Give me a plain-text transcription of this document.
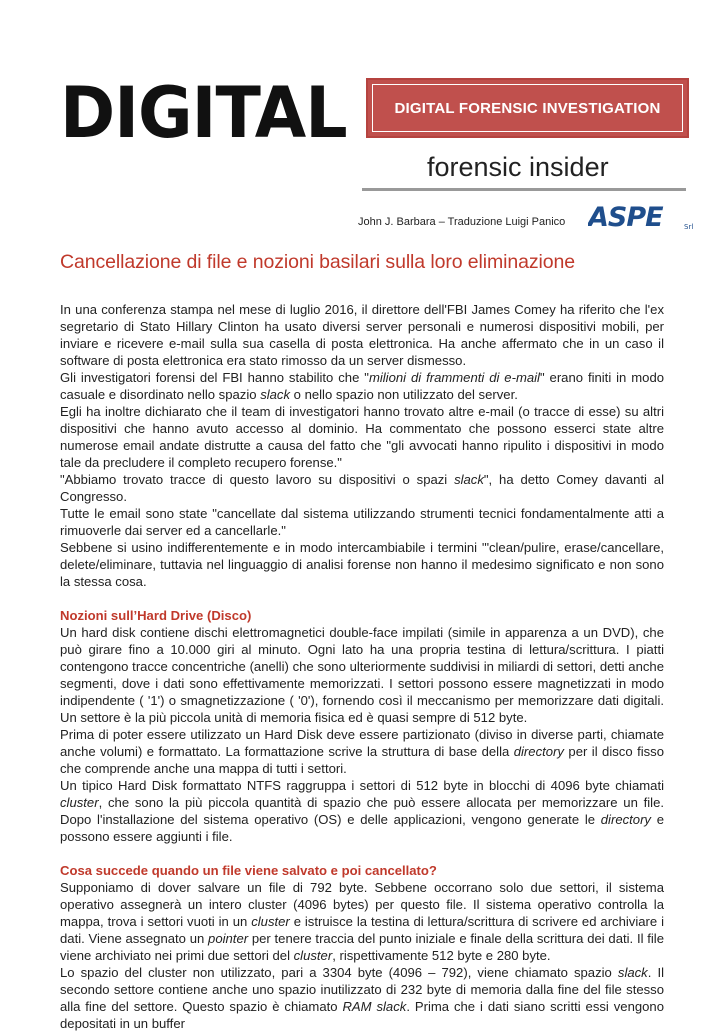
DIGITAL	DIGITAL FORENSIC INVESTIGATION
forensic insider
John J. Barbara – Traduzione Luigi Panico ASPE	Srl
Cancellazione di file e nozioni basilari sulla loro eliminazione

In una conferenza stampa nel mese di luglio 2016, il direttore dell'FBI James Comey ha riferito che l'ex segretario di Stato Hillary Clinton ha usato diversi server personali e numerosi dispositivi mobili, per inviare e ricevere e-mail sulla sua casella di posta elettronica. Ha anche affermato che in un caso il software di posta elettronica era stato rimosso da un server dismesso.

Gli investigatori forensi del FBI hanno stabilito che "milioni di frammenti di e-mail" erano finiti in modo casuale e disordinato nello spazio slack o nello spazio non utilizzato del server.

Egli ha inoltre dichiarato che il team di investigatori hanno trovato altre e-mail (o tracce di esse) su altri dispositivi che hanno avuto accesso al dominio. Ha commentato che possono esserci state altre numerose email andate distrutte a causa del fatto che "gli avvocati hanno ripulito i dispositivi in modo tale da precludere il completo recupero forense."

"Abbiamo trovato tracce di questo lavoro su dispositivi o spazi slack", ha detto Comey davanti al Congresso.

Tutte le email sono state "cancellate dal sistema utilizzando strumenti tecnici fondamentalmente atti a rimuoverle dai server ed a cancellarle."

Sebbene si usino indifferentemente e in modo intercambiabile i termini '"clean/pulire, erase/cancellare, delete/eliminare, tuttavia nel linguaggio di analisi forense non hanno il medesimo significato e non sono la stessa cosa.

Nozioni sull’Hard Drive (Disco)

Un hard disk contiene dischi elettromagnetici double-face impilati (simile in apparenza a un DVD), che può girare fino a 10.000 giri al minuto. Ogni lato ha una propria testina di lettura/scrittura. I piatti contengono tracce concentriche (anelli) che sono ulteriormente suddivisi in miliardi di settori, detti anche segmenti, dove i dati sono effettivamente memorizzati. I settori possono essere magnetizzati in modo indipendente ( '1') o smagnetizzazione ( '0'), fornendo così il meccanismo per memorizzare dati digitali. Un settore è la più piccola unità di memoria fisica ed è quasi sempre di 512 byte.

Prima di poter essere utilizzato un Hard Disk deve essere partizionato (diviso in diverse parti, chiamate anche volumi) e formattato. La formattazione scrive la struttura di base della directory per il disco fisso che comprende anche una mappa di tutti i settori.

Un tipico Hard Disk formattato NTFS raggruppa i settori di 512 byte in blocchi di 4096 byte chiamati cluster, che sono la più piccola quantità di spazio che può essere allocata per memorizzare un file. Dopo l'installazione del sistema operativo (OS) e delle applicazioni, vengono generate le directory e possono essere aggiunti i file.

Cosa succede quando un file viene salvato e poi cancellato?

Supponiamo di dover salvare un file di 792 byte. Sebbene occorrano solo due settori, il sistema operativo assegnerà un intero cluster (4096 bytes) per questo file. Il sistema operativo controlla la mappa, trova i settori vuoti in un cluster e istruisce la testina di lettura/scrittura di scrivere ed archiviare i dati. Viene assegnato un pointer per tenere traccia del punto iniziale e finale della scrittura dei dati. Il file viene archiviato nei primi due settori del cluster, rispettivamente 512 byte e 280 byte.

Lo spazio del cluster non utilizzato, pari a 3304 byte (4096 – 792), viene chiamato spazio slack. Il secondo settore contiene anche uno spazio inutilizzato di 232 byte di memoria dalla fine del file stesso alla fine del settore. Questo spazio è chiamato RAM slack. Prima che i dati siano scritti essi vengono depositati in un buffer
